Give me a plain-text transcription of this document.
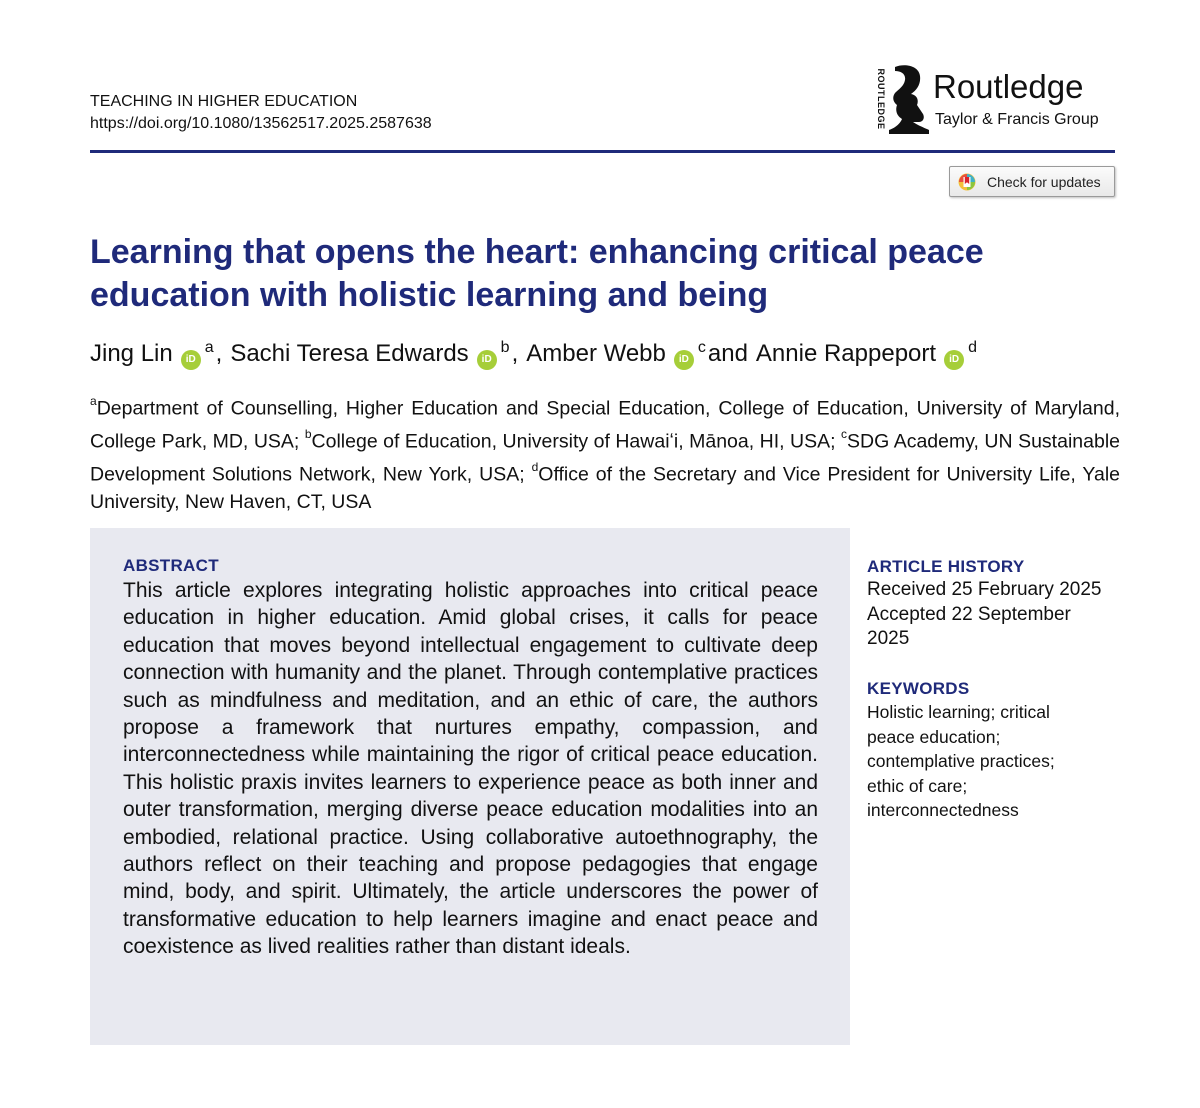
TEACHING IN HIGHER EDUCATION
https://doi.org/10.1080/13562517.2025.2587638	ROUTLEDGE Routledge
Taylor & Francis Group
Check for updates
Learning that opens the heart: enhancing critical peace education with holistic learning and being
Jing Lin	iD
a , Sachi Teresa Edwards	iD
b , Amber Webb	iD
c and Annie Rappeport	iD
d

$^a$Department of Counselling, Higher Education and Special Education, College of Education, University of Maryland, College Park, MD, USA; $^b$College of Education, University of Hawaiʻi, Mānoa, HI, USA; $^c$SDG Academy, UN Sustainable Development Solutions Network, New York, USA; $^d$Office of the Secretary and Vice President for University Life, Yale University, New Haven, CT, USA

ABSTRACT

This article explores integrating holistic approaches into critical peace education in higher education. Amid global crises, it calls for peace education that moves beyond intellectual engagement to cultivate deep connection with humanity and the planet. Through contemplative practices such as mindfulness and meditation, and an ethic of care, the authors propose a framework that nurtures empathy, compassion, and interconnectedness while maintaining the rigor of critical peace education. This holistic praxis invites learners to experience peace as both inner and outer transformation, merging diverse peace education modalities into an embodied, relational practice. Using collaborative autoethnography, the authors reflect on their teaching and propose pedagogies that engage mind, body, and spirit. Ultimately, the article underscores the power of transformative education to help learners imagine and enact peace and coexistence as lived realities rather than distant ideals.

ARTICLE HISTORY
Received 25 February 2025
Accepted 22 September 2025
KEYWORDS
Holistic learning; critical peace education; contemplative practices; ethic of care; interconnectedness
